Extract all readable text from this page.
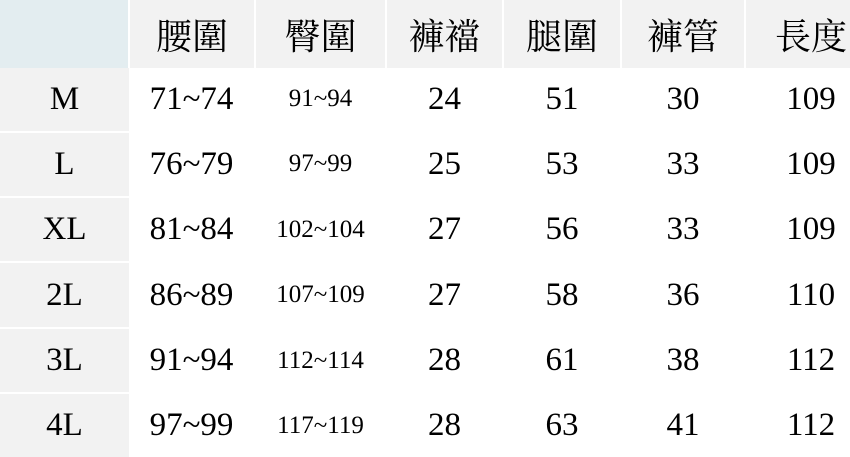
	腰圍	臀圍	褲襠	腿圍	褲管	長度
M	71~74	91~94	24	51	30	109
L	76~79	97~99	25	53	33	109
XL	81~84	102~104	27	56	33	109
2L	86~89	107~109	27	58	36	110
3L	91~94	112~114	28	61	38	112
4L	97~99	117~119	28	63	41	112
